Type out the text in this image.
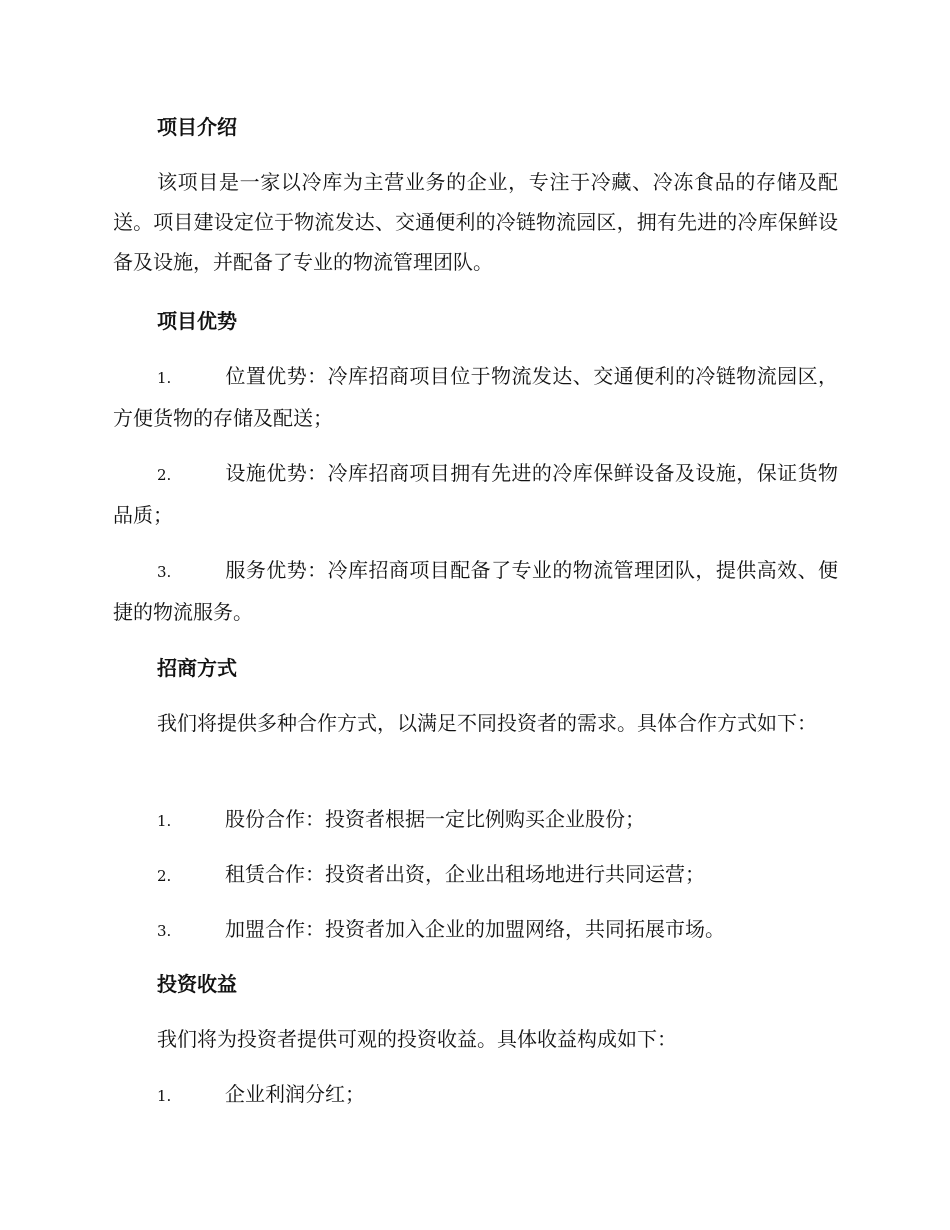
项目介绍

该项目是一家以冷库为主营业务的企业，专注于冷藏、冷冻食品的存储及配送。项目建设定位于物流发达、交通便利的冷链物流园区，拥有先进的冷库保鲜设备及设施，并配备了专业的物流管理团队。

项目优势

1.	位置优势：冷库招商项目位于物流发达、交通便利的冷链物流园区，方便货物的存储及配送；

2.	设施优势：冷库招商项目拥有先进的冷库保鲜设备及设施，保证货物品质；

3.	服务优势：冷库招商项目配备了专业的物流管理团队，提供高效、便捷的物流服务。

招商方式

我们将提供多种合作方式，以满足不同投资者的需求。具体合作方式如下：

1.	股份合作：投资者根据一定比例购买企业股份；

2.	租赁合作：投资者出资，企业出租场地进行共同运营；

3.	加盟合作：投资者加入企业的加盟网络，共同拓展市场。

投资收益

我们将为投资者提供可观的投资收益。具体收益构成如下：

1.	企业利润分红；
